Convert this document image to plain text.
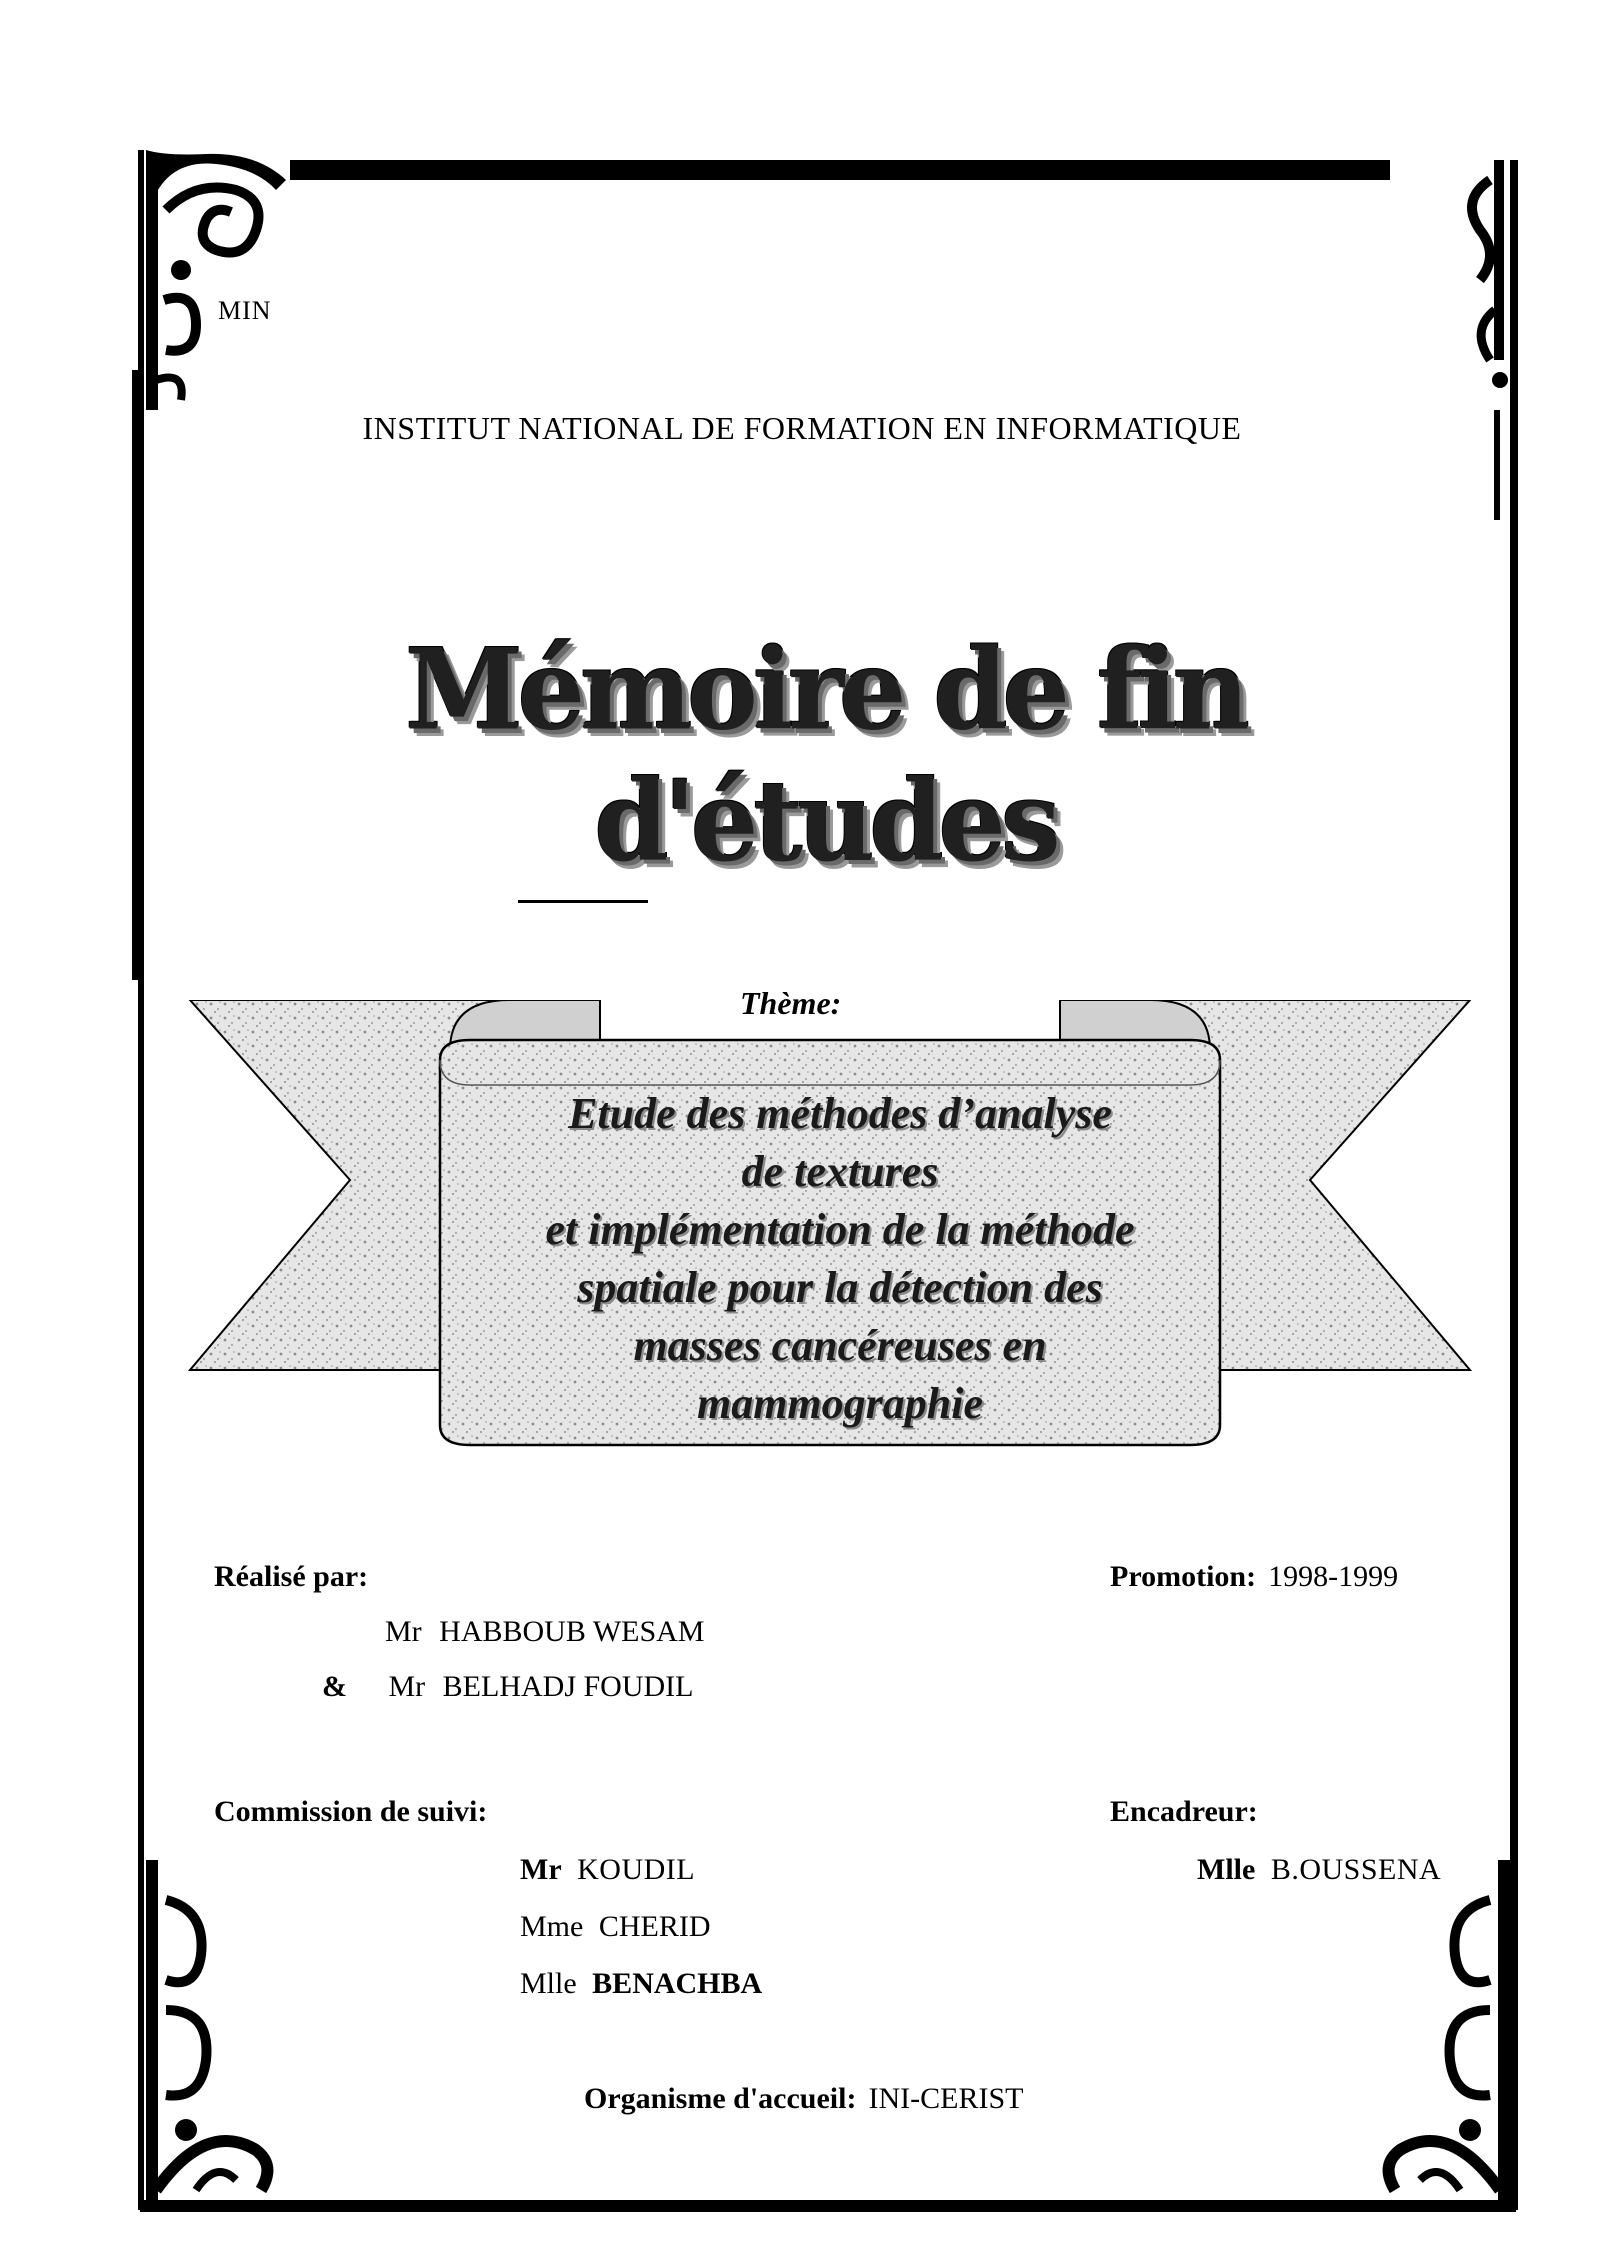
MIN
INSTITUT NATIONAL DE FORMATION EN INFORMATIQUE
Mémoire de fin d'études
Thème:
Etude des méthodes d’analyse
de textures
et implémentation de la méthode
spatiale pour la détection des
masses cancéreuses en
mammographie
Réalisé par:
Mr HABBOUB WESAM
& Mr BELHADJ FOUDIL
Promotion: 1998-1999
Commission de suivi:
Mr KOUDIL
Mme CHERID
Mlle BENACHBA
Encadreur:
Mlle B.OUSSENA
Organisme d'accueil: INI-CERIST
